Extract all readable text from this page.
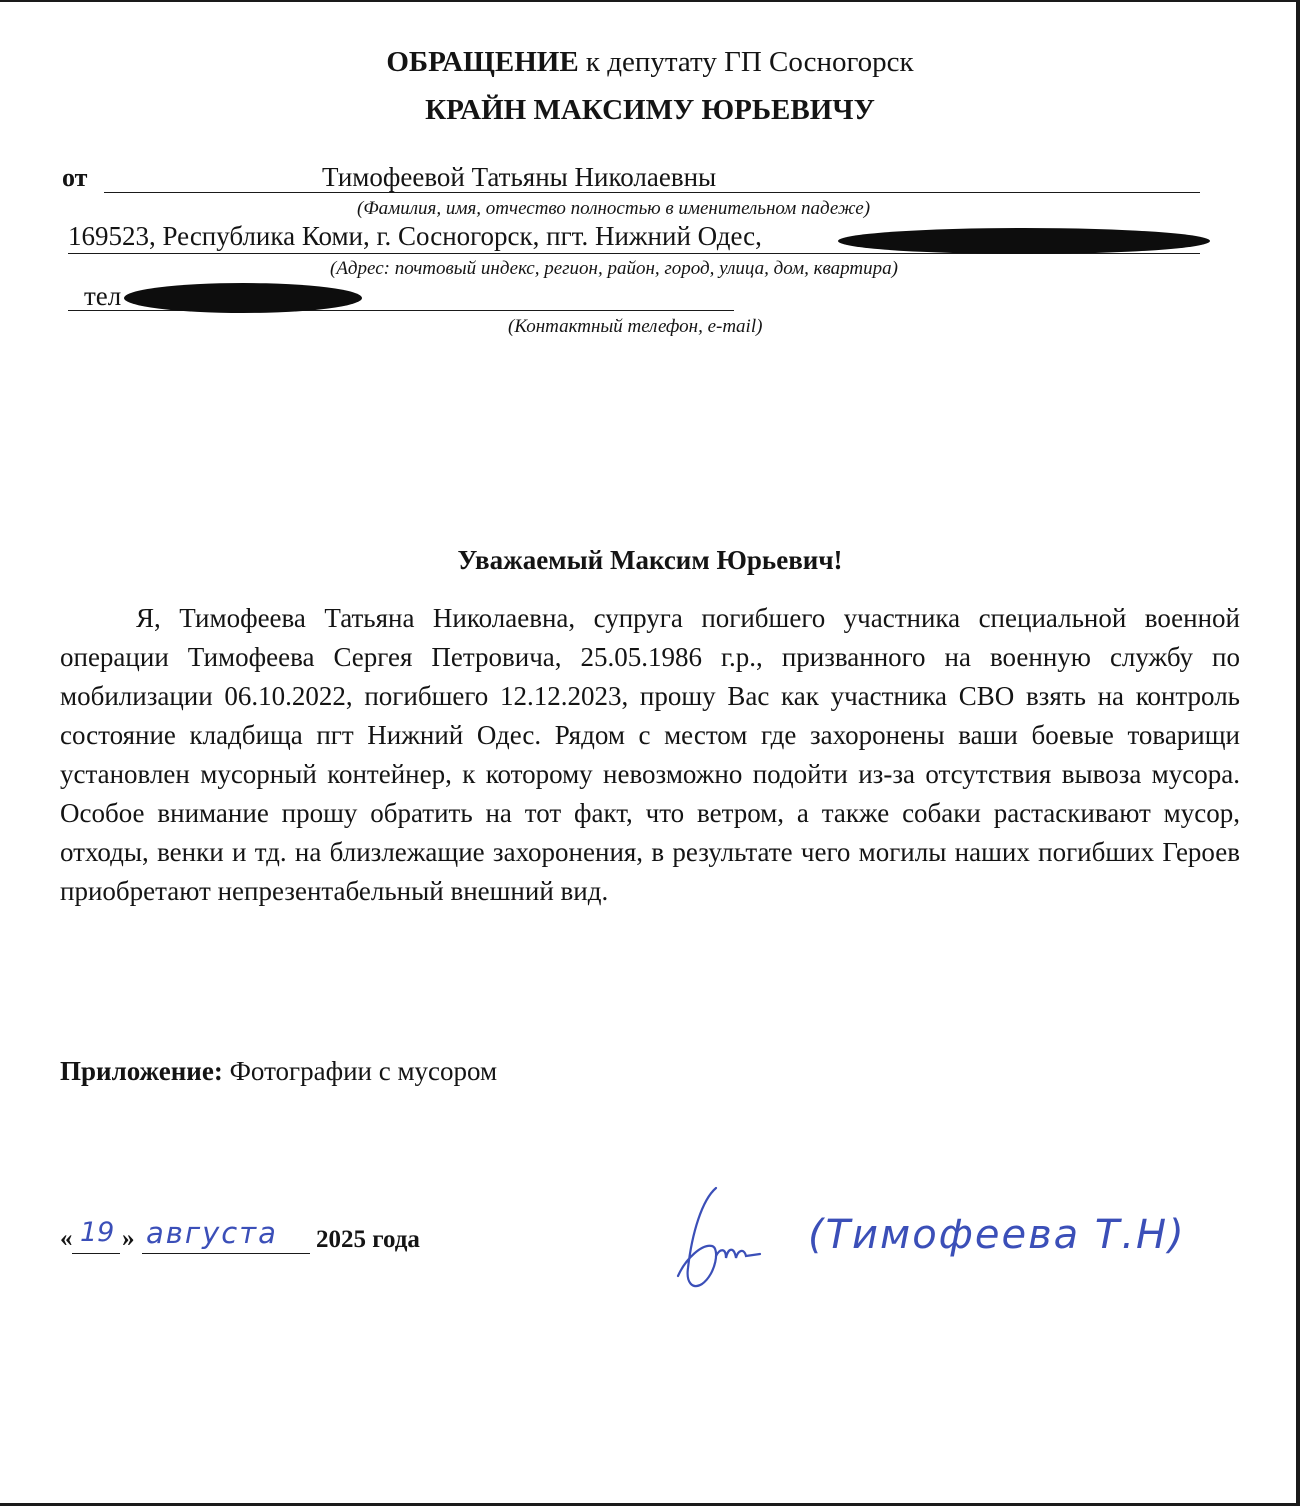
ОБРАЩЕНИЕ к депутату ГП Сосногорск
КРАЙН МАКСИМУ ЮРЬЕВИЧУ
от	Тимофеевой Татьяны Николаевны
(Фамилия, имя, отчество полностью в именительном падеже)
169523, Республика Коми, г. Сосногорск, пгт. Нижний Одес,
(Адрес: почтовый индекс, регион, район, город, улица, дом, квартира)
тел
(Контактный телефон, e-mail)
Уважаемый Максим Юрьевич!

Я, Тимофеева Татьяна Николаевна, супруга погибшего участника специальной военной операции Тимофеева Сергея Петровича, 25.05.1986 г.р., призванного на военную службу по мобилизации 06.10.2022, погибшего 12.12.2023, прошу Вас как участника СВО взять на контроль состояние кладбища пгт Нижний Одес. Рядом с местом где захоронены ваши боевые товарищи установлен мусорный контейнер, к которому невозможно подойти из-за отсутствия вывоза мусора. Особое внимание прошу обратить на тот факт, что ветром, а также собаки растаскивают мусор, отходы, венки и тд. на близлежащие захоронения, в результате чего могилы наших погибших Героев приобретают непрезентабельный внешний вид.

Приложение: Фотографии с мусором
« 19 » августа 2025 года	(Тимофеева Т.Н)
